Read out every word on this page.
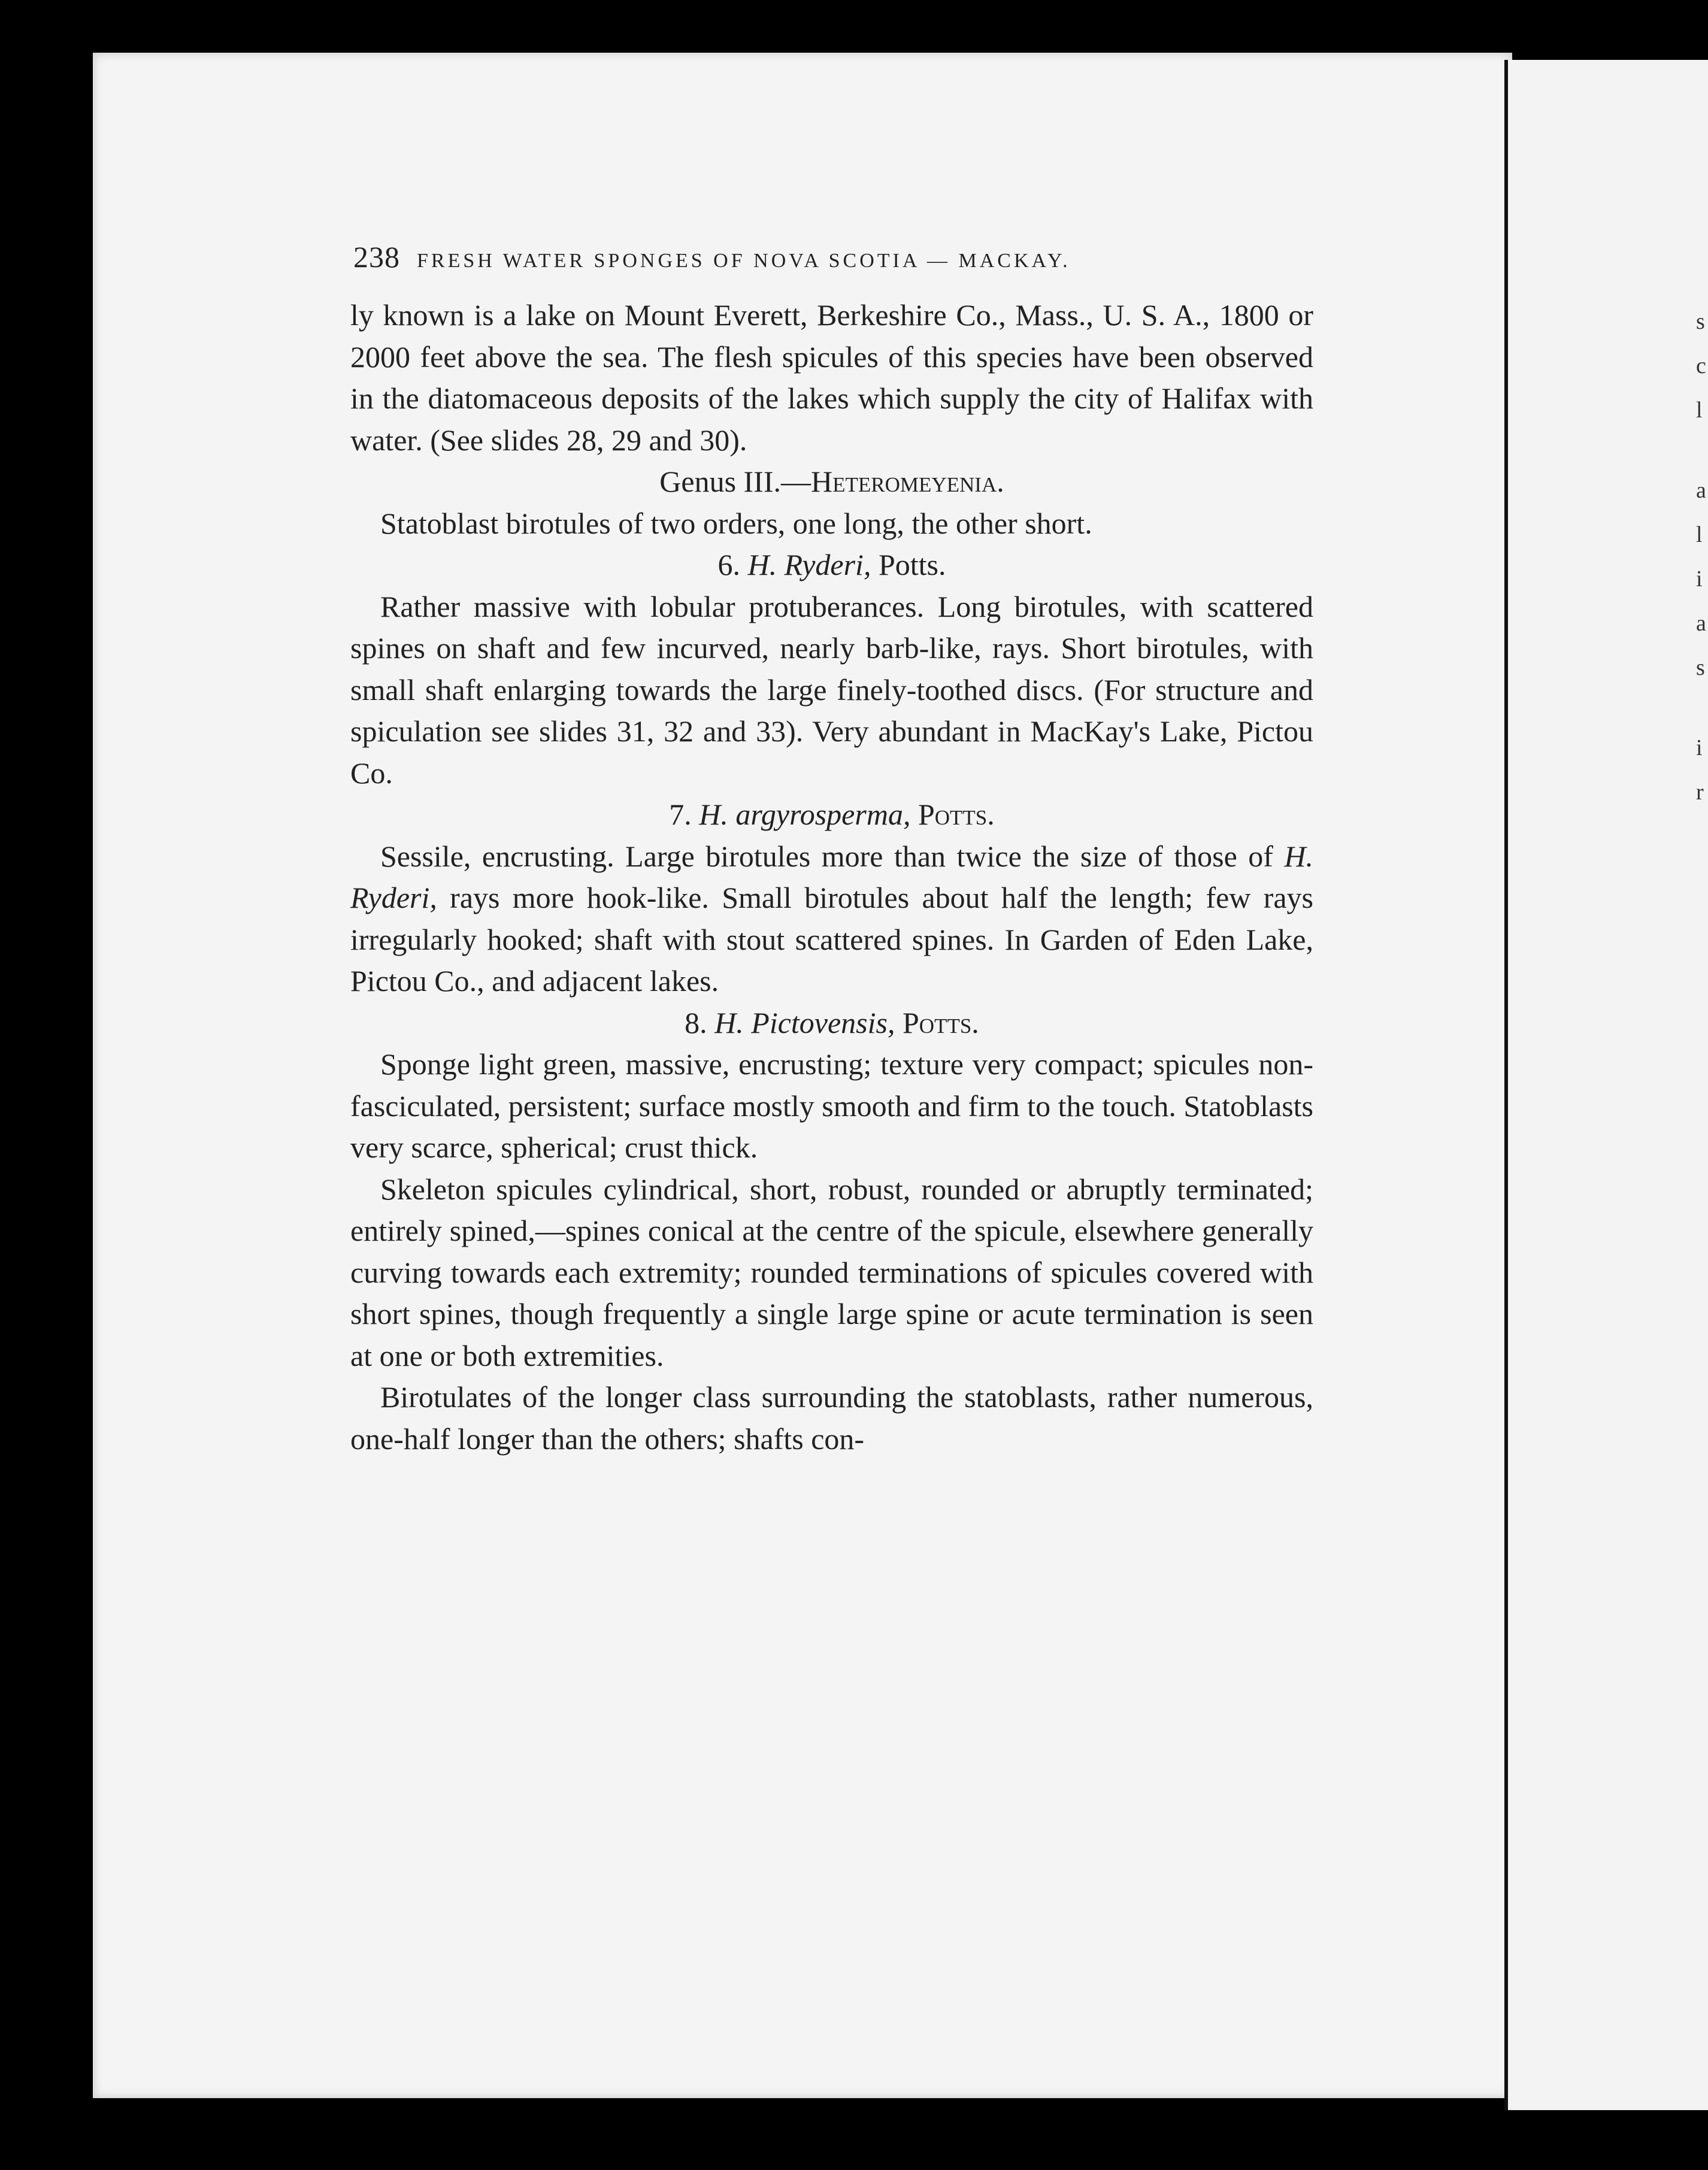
s
c
l
a
l
i
a
s
i
r
238 FRESH WATER SPONGES OF NOVA SCOTIA — MACKAY.

ly known is a lake on Mount Everett, Berkeshire Co., Mass., U. S. A., 1800 or 2000 feet above the sea. The flesh spicules of this species have been observed in the diatomaceous deposits of the lakes which supply the city of Halifax with water. (See slides 28, 29 and 30).

Genus III.—Heteromeyenia.

Statoblast birotules of two orders, one long, the other short.

6. H. Ryderi, Potts.

Rather massive with lobular protuberances. Long birotules, with scattered spines on shaft and few incurved, nearly barb-like, rays. Short birotules, with small shaft enlarging towards the large finely-toothed discs. (For structure and spiculation see slides 31, 32 and 33). Very abundant in MacKay's Lake, Pictou Co.

7. H. argyrosperma, Potts.

Sessile, encrusting. Large birotules more than twice the size of those of H. Ryderi, rays more hook-like. Small birotules about half the length; few rays irregularly hooked; shaft with stout scattered spines. In Garden of Eden Lake, Pictou Co., and adjacent lakes.

8. H. Pictovensis, Potts.

Sponge light green, massive, encrusting; texture very compact; spicules non-fasciculated, persistent; surface mostly smooth and firm to the touch. Statoblasts very scarce, spherical; crust thick.

Skeleton spicules cylindrical, short, robust, rounded or abruptly terminated; entirely spined,—spines conical at the centre of the spicule, elsewhere generally curving towards each extremity; rounded terminations of spicules covered with short spines, though frequently a single large spine or acute termination is seen at one or both extremities.

Birotulates of the longer class surrounding the statoblasts, rather numerous, one-half longer than the others; shafts con-
